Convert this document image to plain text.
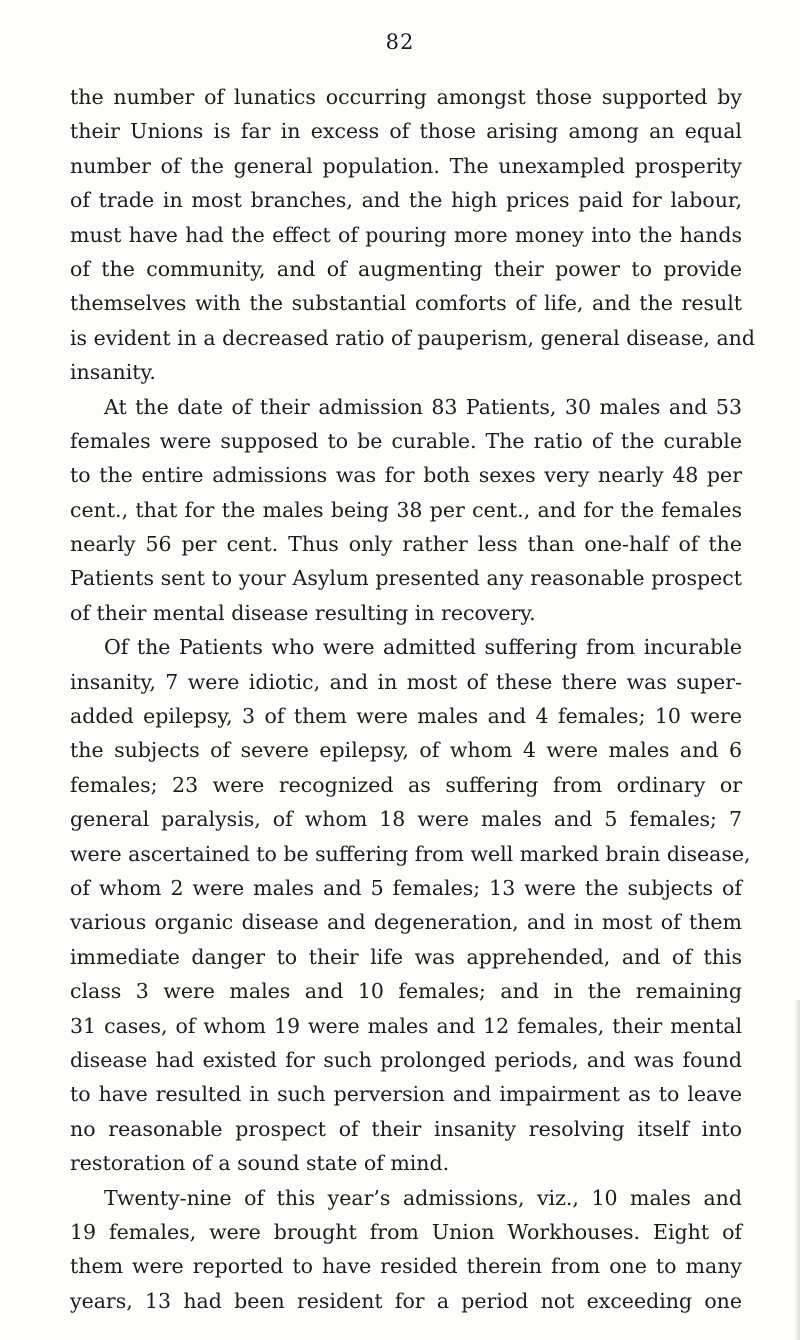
82
the number of lunatics occurring amongst those supported by
their Unions is far in excess of those arising among an equal
number of the general population. The unexampled prosperity
of trade in most branches, and the high prices paid for labour,
must have had the effect of pouring more money into the hands
of the community, and of augmenting their power to provide
themselves with the substantial comforts of life, and the result
is evident in a decreased ratio of pauperism, general disease, and
insanity.
At the date of their admission 83 Patients, 30 males and 53
females were supposed to be curable. The ratio of the curable
to the entire admissions was for both sexes very nearly 48 per
cent., that for the males being 38 per cent., and for the females
nearly 56 per cent. Thus only rather less than one-half of the
Patients sent to your Asylum presented any reasonable prospect
of their mental disease resulting in recovery.
Of the Patients who were admitted suffering from incurable
insanity, 7 were idiotic, and in most of these there was super-
added epilepsy, 3 of them were males and 4 females; 10 were
the subjects of severe epilepsy, of whom 4 were males and 6
females; 23 were recognized as suffering from ordinary or
general paralysis, of whom 18 were males and 5 females; 7
were ascertained to be suffering from well marked brain disease,
of whom 2 were males and 5 females; 13 were the subjects of
various organic disease and degeneration, and in most of them
immediate danger to their life was apprehended, and of this
class 3 were males and 10 females; and in the remaining
31 cases, of whom 19 were males and 12 females, their mental
disease had existed for such prolonged periods, and was found
to have resulted in such perversion and impairment as to leave
no reasonable prospect of their insanity resolving itself into
restoration of a sound state of mind.
Twenty-nine of this year’s admissions, viz., 10 males and
19 females, were brought from Union Workhouses. Eight of
them were reported to have resided therein from one to many
years, 13 had been resident for a period not exceeding one
